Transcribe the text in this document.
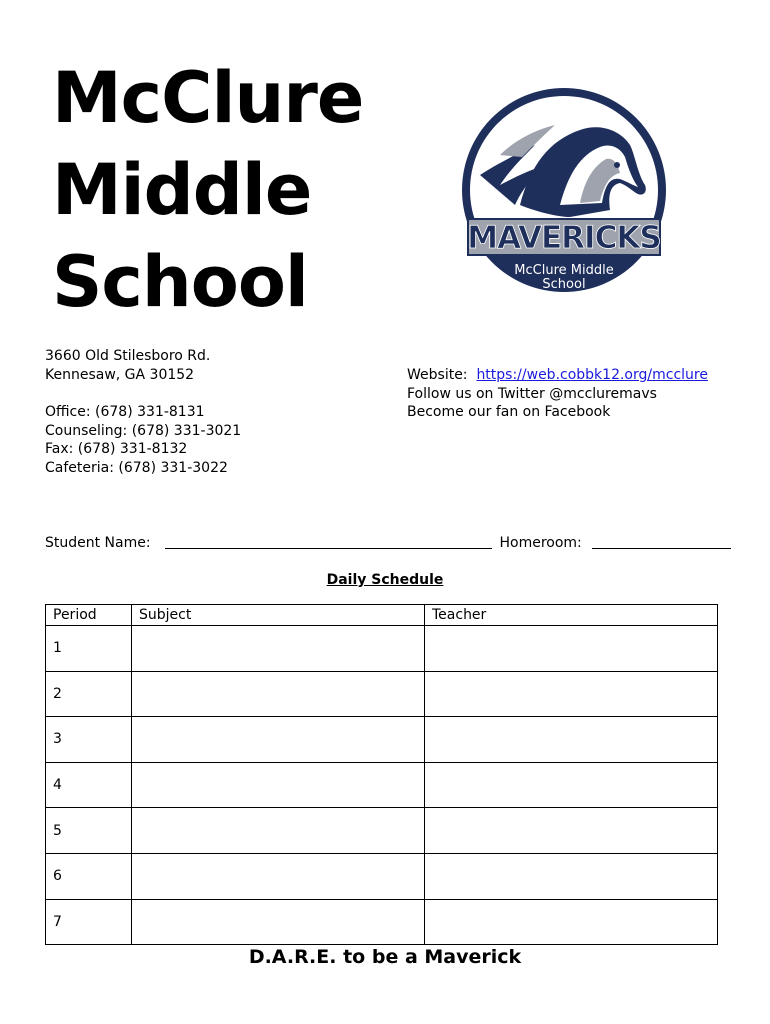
McClure
Middle
School
MAVERICKS
McClure Middle
School
3660 Old Stilesboro Rd.
Kennesaw, GA 30152
Office: (678) 331-8131
Counseling: (678) 331-3021
Fax: (678) 331-8132
Cafeteria: (678) 331-3022
Website: https://web.cobbk12.org/mcclure
Follow us on Twitter @mccluremavs
Become our fan on Facebook
Student Name:	Homeroom:
Daily Schedule
Period	Subject	Teacher
1		
2		
3		
4		
5		
6		
7		
D.A.R.E. to be a Maverick
